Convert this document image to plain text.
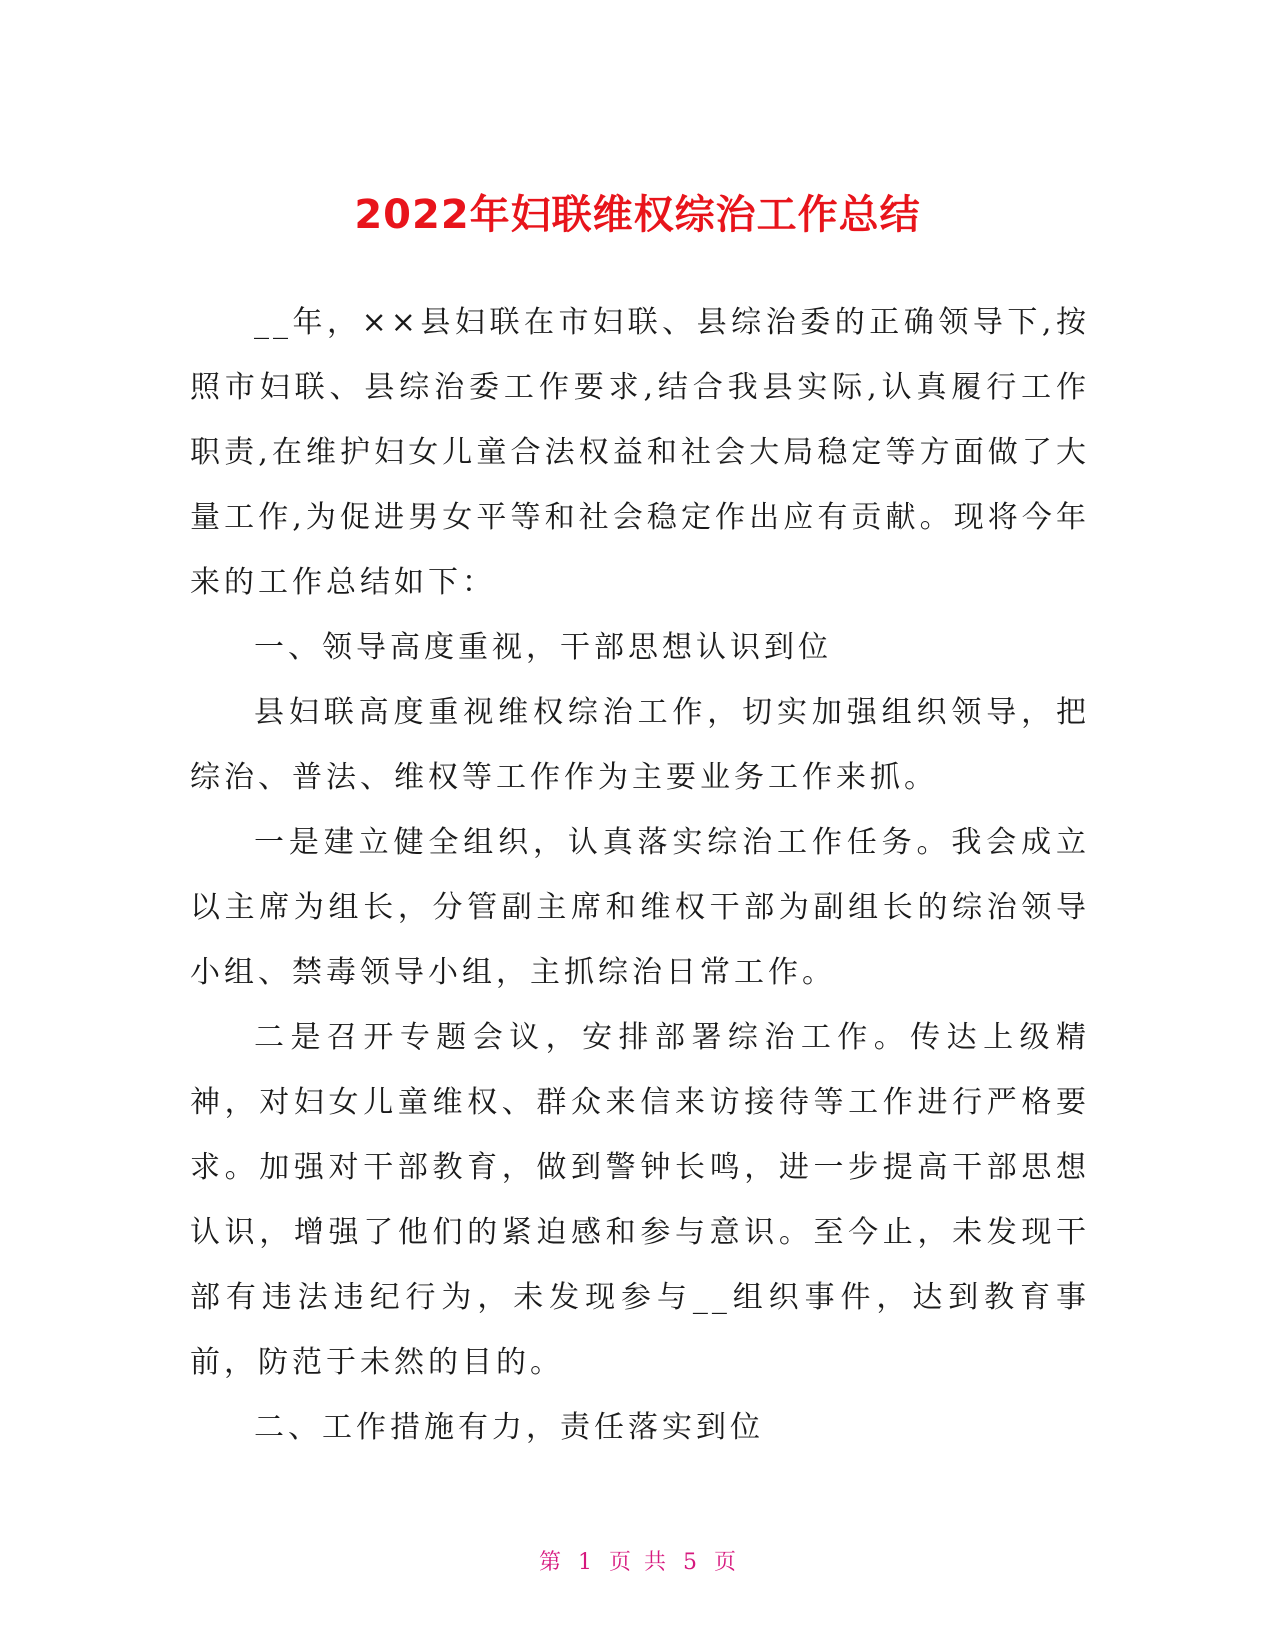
2022年妇联维权综治工作总结

__年，××县妇联在市妇联、县综治委的正确领导下,按照市妇联、县综治委工作要求,结合我县实际,认真履行工作职责,在维护妇女儿童合法权益和社会大局稳定等方面做了大量工作,为促进男女平等和社会稳定作出应有贡献。现将今年来的工作总结如下：

一、领导高度重视，干部思想认识到位

县妇联高度重视维权综治工作，切实加强组织领导，把综治、普法、维权等工作作为主要业务工作来抓。

一是建立健全组织，认真落实综治工作任务。我会成立以主席为组长，分管副主席和维权干部为副组长的综治领导小组、禁毒领导小组，主抓综治日常工作。

二是召开专题会议，安排部署综治工作。传达上级精神，对妇女儿童维权、群众来信来访接待等工作进行严格要求。加强对干部教育，做到警钟长鸣，进一步提高干部思想认识，增强了他们的紧迫感和参与意识。至今止，未发现干部有违法违纪行为，未发现参与__组织事件，达到教育事前，防范于未然的目的。

二、工作措施有力，责任落实到位

第 1 页 共 5 页
